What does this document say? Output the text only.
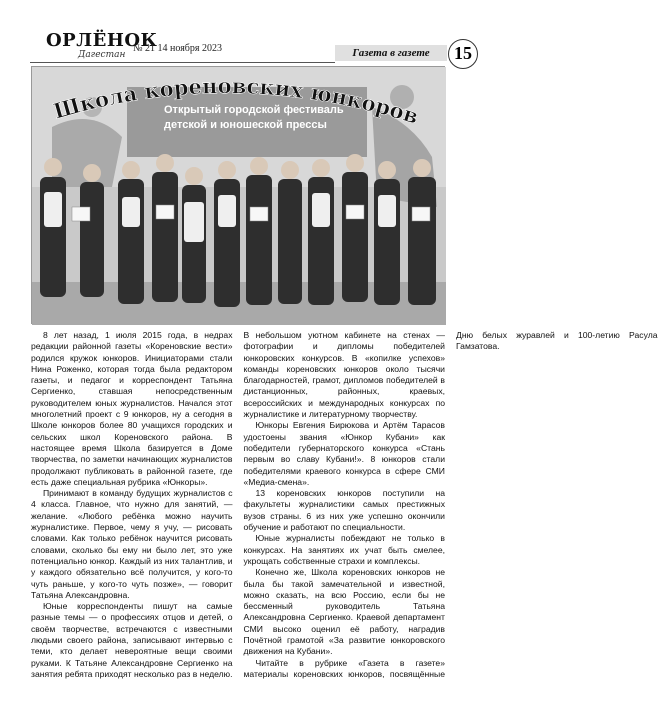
ОРЛЁНОК
Дагестан
№ 21 14 ноября 2023	Газета в газете	15
Школа кореновских юнкоров
Открытый городской фестиваль
детской и юношеской прессы

8 лет назад, 1 июля 2015 года, в недрах редакции районной газеты «Кореновские вести» родился кружок юнкоров. Инициаторами стали Нина Роженко, которая тогда была редактором газеты, и педагог и корреспондент Татьяна Сергиенко, ставшая непосредственным руководителем юных журналистов. Начался этот многолетний проект с 9 юнкоров, ну а сегодня в Школе юнкоров более 80 учащихся городских и сельских школ Кореновского района. В настоящее время Школа базируется в Доме творчества, по заметки начинающих журналистов продолжают публиковать в районной газете, где есть даже специальная рубрика «Юнкоры».

Принимают в команду будущих журналистов с 4 класса. Главное, что нужно для занятий, — желание. «Любого ребёнка можно научить журналистике. Первое, чему я учу, — рисовать словами. Как только ребёнок научится рисовать словами, сколько бы ему ни было лет, это уже потенциально юнкор. Каждый из них талантлив, и у каждого обязательно всё получится, у кого-то чуть раньше, у кого-то чуть позже», — говорит Татьяна Александровна.

Юные корреспонденты пишут на самые разные темы — о профессиях отцов и детей, о своём творчестве, встречаются с известными людьми своего района, записывают интервью с теми, кто делает невероятные вещи своими руками. К Татьяне Александровне Сергиенко на занятия ребята приходят несколько раз в неделю. В небольшом уютном кабинете на стенах — фотографии и дипломы победителей юнкоровских конкурсов. В «копилке успехов» команды кореновских юнкоров около тысячи благодарностей, грамот, дипломов победителей в дистанционных, районных, краевых, всероссийских и международных конкурсах по журналистике и литературному творчеству.

Юнкоры Евгения Бирюкова и Артём Тарасов удостоены звания «Юнкор Кубани» как победители губернаторского конкурса «Стань первым во славу Кубани!». 8 юнкоров стали победителями краевого конкурса в сфере СМИ «Медиа-смена».

13 кореновских юнкоров поступили на факультеты журналистики самых престижных вузов страны. 6 из них уже успешно окончили обучение и работают по специальности.

Юные журналисты побеждают не только в конкурсах. На занятиях их учат быть смелее, укрощать собственные страхи и комплексы.

Конечно же, Школа кореновских юнкоров не была бы такой замечательной и известной, можно сказать, на всю Россию, если бы не бессменный руководитель Татьяна Александровна Сергиенко. Краевой департамент СМИ высоко оценил её работу, наградив Почётной грамотой «За развитие юнкоровского движения на Кубани».

Читайте в рубрике «Газета в газете» материалы кореновских юнкоров, посвящённые Дню белых журавлей и 100-летию Расула Гамзатова.
